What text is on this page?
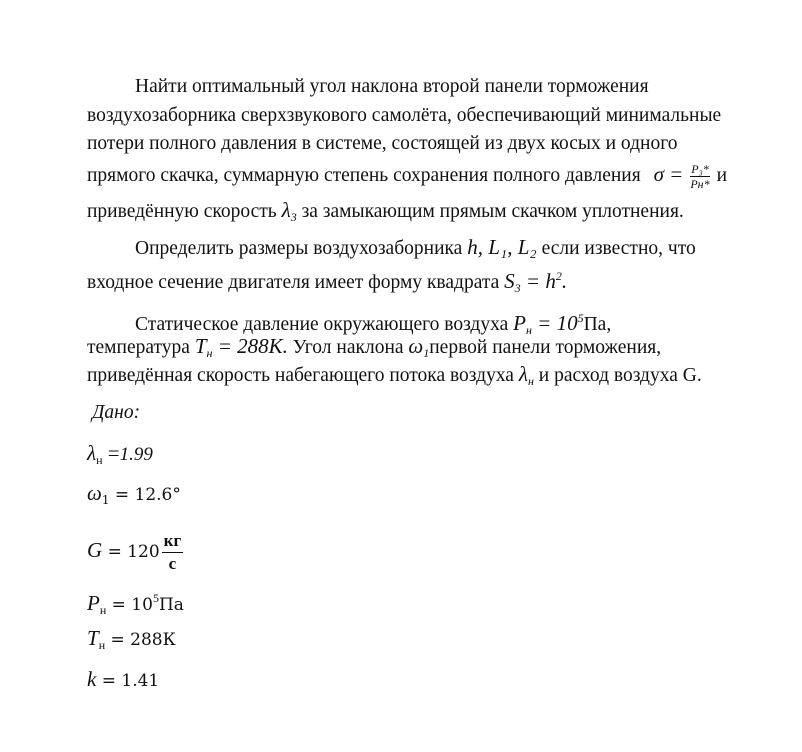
Найти оптимальный угол наклона второй панели торможения
воздухозаборника сверхзвукового самолёта, обеспечивающий минимальные
потери полного давления в системе, состоящей из двух косых и одного
прямого скачка, суммарную степень сохранения полного давления $\sigma = \frac{\text{P₃*}}{Pн*}$ и
приведённую скорость $\lambda_3$ за замыкающим прямым скачком уплотнения.
Определить размеры воздухозаборника h, L₁, L₂ если известно, что
входное сечение двигателя имеет форму квадрата $S_3 = h^2$.
Статическое давление окружающего воздуха $P_н = 10^5Па$,
температура $T_н = 288К$. Угол наклона $\omega_1первой$ панели торможения,
приведённая скорость набегающего потока воздуха $\lambda_н$ и расход воздуха G.
Дано:
$\lambda_н =1.99$
$\omega_1 = 12.6^\circ$
$G = 120 \frac{кг}{с}$
$P_н = 10^5Па$
$T_н = 288К$
k = 1.41
